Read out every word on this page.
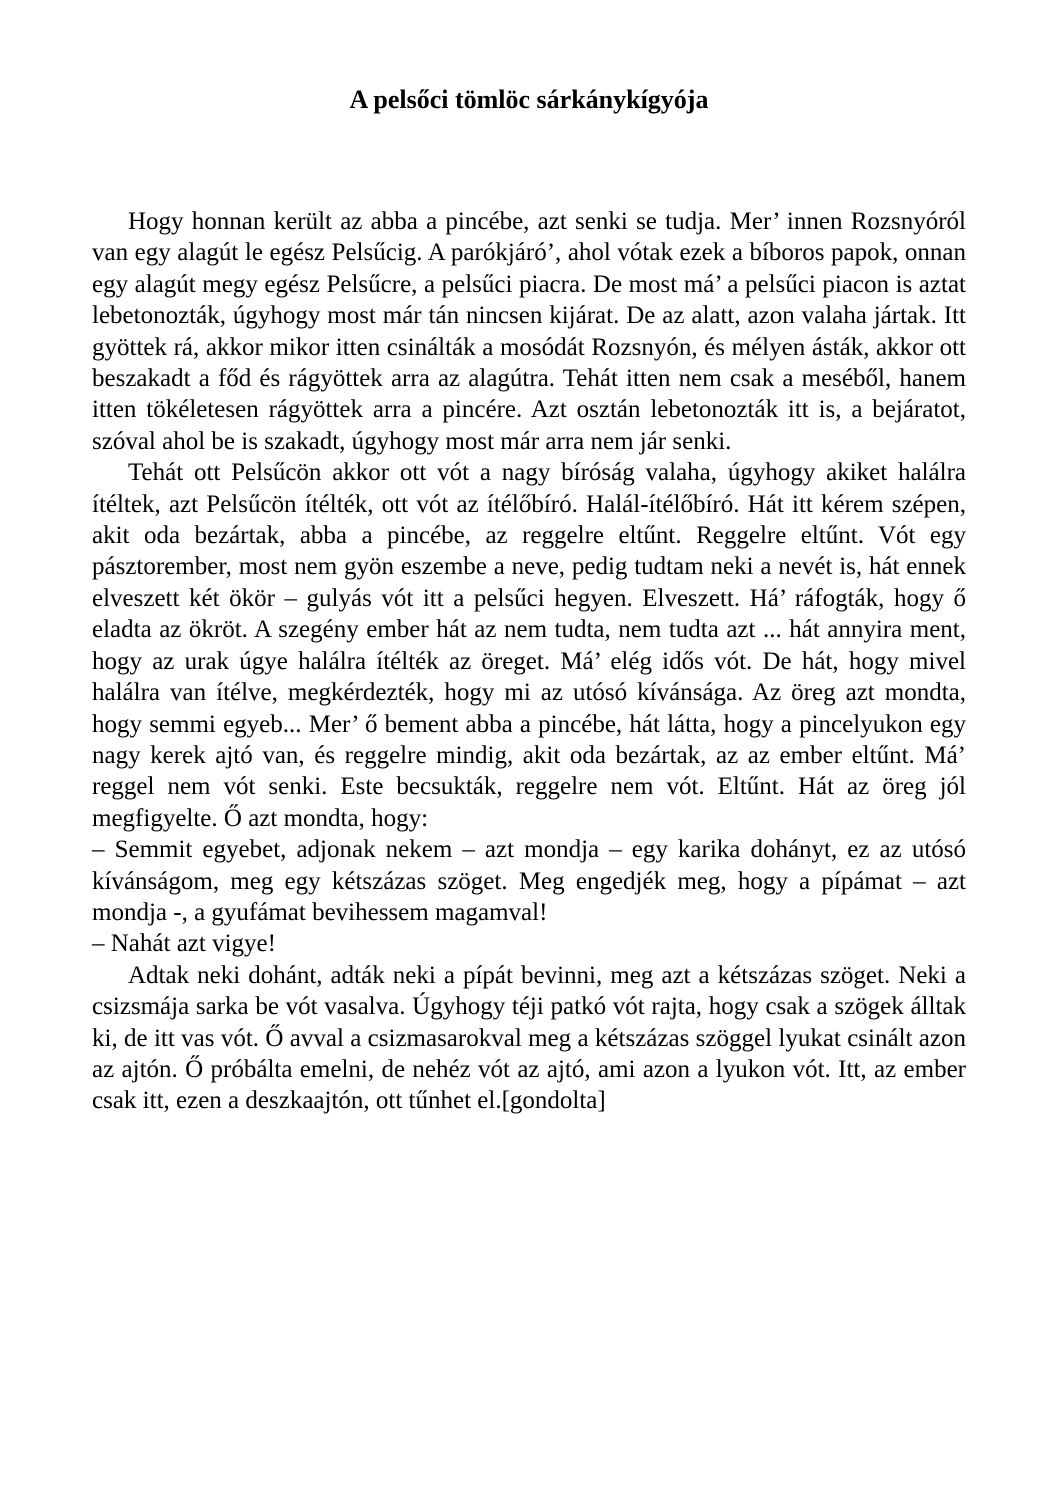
A pelsőci tömlöc sárkánykígyója

Hogy honnan került az abba a pincébe, azt senki se tudja. Mer’ innen Rozsnyóról van egy alagút le egész Pelsűcig. A parókjáró’, ahol vótak ezek a bíboros papok, onnan egy alagút megy egész Pelsűcre, a pelsűci piacra. De most má’ a pelsűci piacon is aztat lebetonozták, úgyhogy most már tán nincsen kijárat. De az alatt, azon valaha jártak. Itt gyöttek rá, akkor mikor itten csinálták a mosódát Rozsnyón, és mélyen ásták, akkor ott beszakadt a főd és rágyöttek arra az alagútra. Tehát itten nem csak a meséből, hanem itten tökéletesen rágyöttek arra a pincére. Azt osztán lebetonozták itt is, a bejáratot, szóval ahol be is szakadt, úgyhogy most már arra nem jár senki.

Tehát ott Pelsűcön akkor ott vót a nagy bíróság valaha, úgyhogy akiket halálra ítéltek, azt Pelsűcön ítélték, ott vót az ítélőbíró. Halál-ítélőbíró. Hát itt kérem szépen, akit oda bezártak, abba a pincébe, az reggelre eltűnt. Reggelre eltűnt. Vót egy pásztorember, most nem gyön eszembe a neve, pedig tudtam neki a nevét is, hát ennek elveszett két ökör – gulyás vót itt a pelsűci hegyen. Elveszett. Há’ ráfogták, hogy ő eladta az ökröt. A szegény ember hát az nem tudta, nem tudta azt ... hát annyira ment, hogy az urak úgye halálra ítélték az öreget. Má’ elég idős vót. De hát, hogy mivel halálra van ítélve, megkérdezték, hogy mi az utósó kívánsága. Az öreg azt mondta, hogy semmi egyeb... Mer’ ő bement abba a pincébe, hát látta, hogy a pincelyukon egy nagy kerek ajtó van, és reggelre mindig, akit oda bezártak, az az ember eltűnt. Má’ reggel nem vót senki. Este becsukták, reggelre nem vót. Eltűnt. Hát az öreg jól megfigyelte. Ő azt mondta, hogy:

– Semmit egyebet, adjonak nekem – azt mondja – egy karika dohányt, ez az utósó kívánságom, meg egy kétszázas szöget. Meg engedjék meg, hogy a pípámat – azt mondja -, a gyufámat bevihessem magamval!

– Nahát azt vigye!

Adtak neki dohánt, adták neki a pípát bevinni, meg azt a kétszázas szöget. Neki a csizsmája sarka be vót vasalva. Úgyhogy téji patkó vót rajta, hogy csak a szögek álltak ki, de itt vas vót. Ő avval a csizmasarokval meg a kétszázas szöggel lyukat csinált azon az ajtón. Ő próbálta emelni, de nehéz vót az ajtó, ami azon a lyukon vót. Itt, az ember csak itt, ezen a deszkaajtón, ott tűnhet el.[gondolta]
